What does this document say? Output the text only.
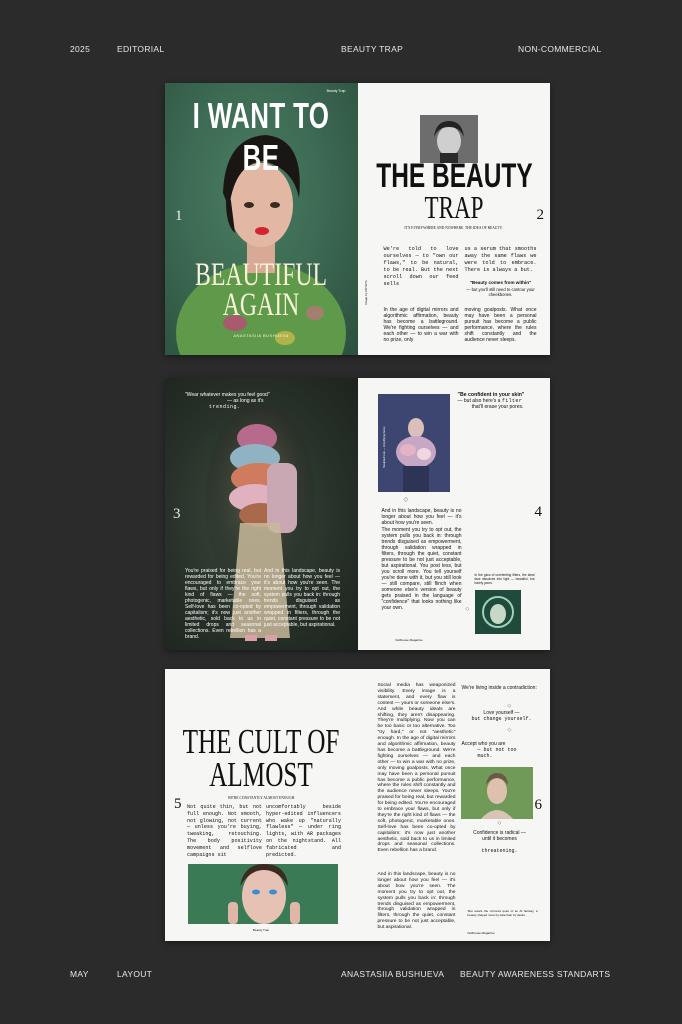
2025	EDITORIAL	BEAUTY TRAP	NON-COMMERCIAL
Beauty Trap
I WANT TO BE
1
BEAUTIFUL
AGAIN
ANASTASIIA BUSHUEVA
THE BEAUTY
TRAP
IT'S EVERYWHERE AND NOWHERE. THE IDEA OF BEAUTY.
2
We're told to love ourselves — to "own our flaws," to be natural, to be real. But the next scroll down our feed sells
us a serum that smooths away the same flaws we were told to embrace. There is always a but.
"Beauty comes from within"
— but you'll still need to contour your cheekbones.
Image by ANTEYA
In the age of digital mirrors and algorithmic affirmation, beauty has become a battleground. We're fighting ourselves — and each other — to win a war with no prize, only
moving goalposts. What once may have been a personal pursuit has become a public performance, where the rules shift constantly and the audience never sleeps.
"Wear whatever makes you feel good"
— as long as it's
trending.
3
You're praised for being real, but rewarded for being edited. You're encouraged to embrace your flaws, but only if they're the right kind of flaws — the soft, photogenic, marketable ones. Self-love has been co-opted by capitalism; it's now just another aesthetic, sold back to us in limited drops and seasonal collections. Even rebellion has a brand.
And in this landscape, beauty is no longer about how you feel — it's about how you're seen. The moment you try to opt out, the system pulls you back in: through trends disguised as empowerment, through validation wrapped in filters, through the quiet, constant pressure to be not just acceptable, but aspirational.
Sculpted look — Amplifying faces
"Be confident in your skin"
— but also here's a filter
that'll erase your pores.
◇
4
And in this landscape, beauty is no longer about how you feel — it's about how you're seen.
The moment you try to opt out, the system pulls you back in: through trends disguised as empowerment, through validation wrapped in filters, through the quiet, constant pressure to be not just acceptable, but aspirational. You post less, but you scroll more. You tell yourself you're done with it, but you still look — still compare, still flinch when someone else's version of beauty gets praised in the language of "confidence" that looks nothing like your own.
In the glow of unrelenting filters, the ideal face dissolves into light — beautiful, but barely yours.
◇
Dollhouse Magazine
THE CULT OF
ALMOST
WE'RE CONSTANTLY ALMOST ENOUGH
5 Not quite thin, but not full enough. Not smooth, not glowing, not current — unless you're buying, tweaking, retouching. The body positivity movement and selflove campaigns sit
uncomfortably beside hyper-edited influencers who wake up "naturally flawless" — under ring lights, with AR packages on the nightstand. All fabricated and predicted.
Beauty Trap
Social media has weaponized visibility. Every image is a statement, and every flaw is content — yours or someone else's. And while beauty ideals are shifting, they aren't disappearing. They're multiplying. Now you can be too basic or too alternative. Too "try hard," or not "aesthetic" enough. In the age of digital mirrors and algorithmic affirmation, beauty has become a battleground. We're fighting ourselves — and each other — to win a war with no prize, only moving goalposts. What once may have been a personal pursuit has become a public performance, where the rules shift constantly and the audience never sleeps. You're praised for being real, but rewarded for being edited. You're encouraged to embrace your flaws, but only if they're the right kind of flaws — the soft, photogenic, marketable ones. Self-love has been co-opted by capitalism; it's now just another aesthetic, sold back to us in limited drops and seasonal collections. Even rebellion has a brand.
And in this landscape, beauty is no longer about how you feel — it's about how you're seen. The moment you try to opt out, the system pulls you back in: through trends disguised as empowerment, through validation wrapped in filters, through the quiet, constant pressure to be not just acceptable, but aspirational.
We're living inside a contradiction:
◇
Love yourself —
but change yourself.
◇
Accept who you are
— but not too much.
6
◇
Confidence is radical — until it becomes
threatening.
She wears the mirrored quiet of an AI fantasy, a beauty shaped more by data than by desire.
Dollhouse Magazine
MAY	LAYOUT	ANASTASIIA BUSHUEVA BEAUTY AWARENESS STANDARTS
